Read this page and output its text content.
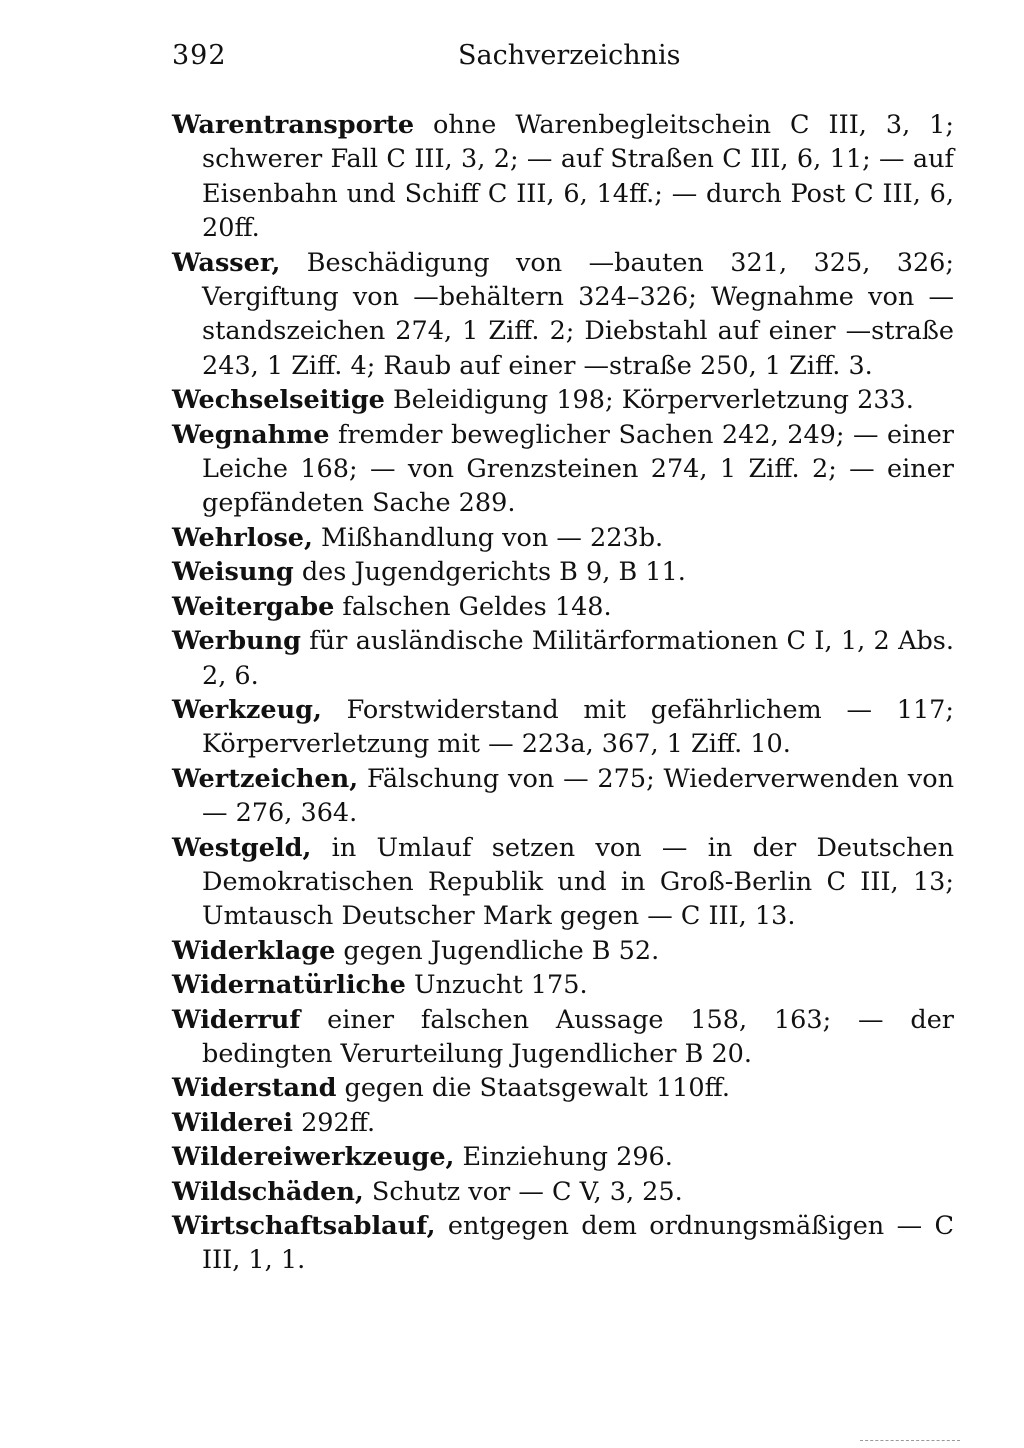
392	Sachverzeichnis

Warentransporte ohne Warenbegleitschein C III, 3, 1; schwerer Fall C III, 3, 2; — auf Straßen C III, 6, 11; — auf Eisenbahn und Schiff C III, 6, 14ff.; — durch Post C III, 6, 20ff.

Wasser, Beschädigung von —bauten 321, 325, 326; Vergiftung von —behältern 324–326; Wegnahme von —standszeichen 274, 1 Ziff. 2; Diebstahl auf einer —straße 243, 1 Ziff. 4; Raub auf einer —straße 250, 1 Ziff. 3.

Wechselseitige Beleidigung 198; Körperverletzung 233.

Wegnahme fremder beweglicher Sachen 242, 249; — einer Leiche 168; — von Grenzsteinen 274, 1 Ziff. 2; — einer gepfändeten Sache 289.

Wehrlose, Mißhandlung von — 223b.

Weisung des Jugendgerichts B 9, B 11.

Weitergabe falschen Geldes 148.

Werbung für ausländische Militärformationen C I, 1, 2 Abs. 2, 6.

Werkzeug, Forstwiderstand mit gefährlichem — 117; Körperverletzung mit — 223a, 367, 1 Ziff. 10.

Wertzeichen, Fälschung von — 275; Wiederverwenden von — 276, 364.

Westgeld, in Umlauf setzen von — in der Deutschen Demokratischen Republik und in Groß-Berlin C III, 13; Umtausch Deutscher Mark gegen — C III, 13.

Widerklage gegen Jugendliche B 52.

Widernatürliche Unzucht 175.

Widerruf einer falschen Aussage 158, 163; — der bedingten Verurteilung Jugendlicher B 20.

Widerstand gegen die Staatsgewalt 110ff.

Wilderei 292ff.

Wildereiwerkzeuge, Einziehung 296.

Wildschäden, Schutz vor — C V, 3, 25.

Wirtschaftsablauf, entgegen dem ordnungsmäßigen — C III, 1, 1.
